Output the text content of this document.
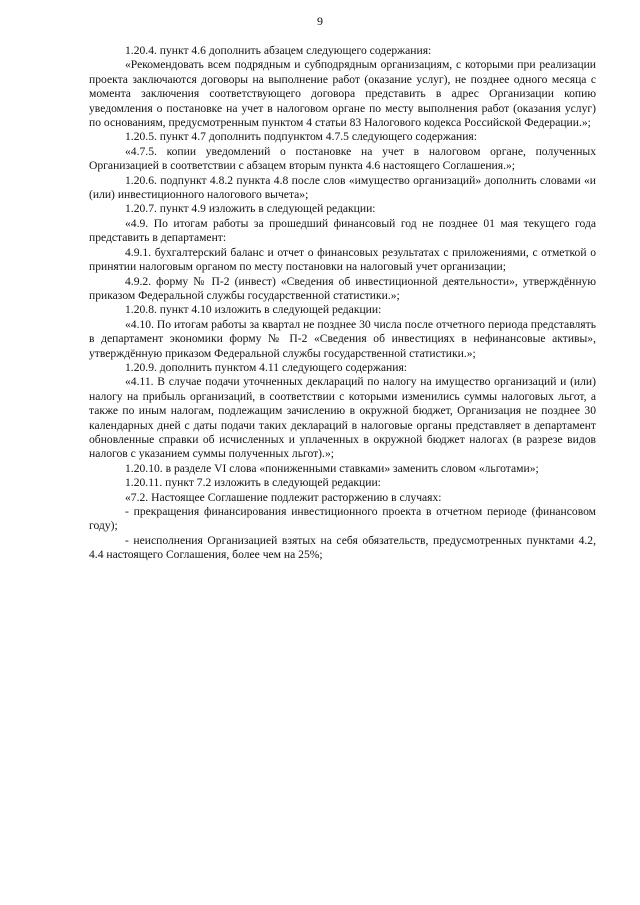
9

1.20.4. пункт 4.6 дополнить абзацем следующего содержания:

«Рекомендовать всем подрядным и субподрядным организациям, с которыми при реализации проекта заключаются договоры на выполнение работ (оказание услуг), не позднее одного месяца с момента заключения соответствующего договора представить в адрес Организации копию уведомления о постановке на учет в налоговом органе по месту выполнения работ (оказания услуг) по основаниям, предусмотренным пунктом 4 статьи 83 Налогового кодекса Российской Федерации.»;

1.20.5. пункт 4.7 дополнить подпунктом 4.7.5 следующего содержания:

«4.7.5. копии уведомлений о постановке на учет в налоговом органе, полученных Организацией в соответствии с абзацем вторым пункта 4.6 настоящего Соглашения.»;

1.20.6. подпункт 4.8.2 пункта 4.8 после слов «имущество организаций» дополнить словами «и (или) инвестиционного налогового вычета»;

1.20.7. пункт 4.9 изложить в следующей редакции:

«4.9. По итогам работы за прошедший финансовый год не позднее 01 мая текущего года представить в департамент:

4.9.1. бухгалтерский баланс и отчет о финансовых результатах с приложениями, с отметкой о принятии налоговым органом по месту постановки на налоговый учет организации;

4.9.2. форму № П-2 (инвест) «Сведения об инвестиционной деятельности», утверждённую приказом Федеральной службы государственной статистики.»;

1.20.8. пункт 4.10 изложить в следующей редакции:

«4.10. По итогам работы за квартал не позднее 30 числа после отчетного периода представлять в департамент экономики форму № П-2 «Сведения об инвестициях в нефинансовые активы», утверждённую приказом Федеральной службы государственной статистики.»;

1.20.9. дополнить пунктом 4.11 следующего содержания:

«4.11. В случае подачи уточненных деклараций по налогу на имущество организаций и (или) налогу на прибыль организаций, в соответствии с которыми изменились суммы налоговых льгот, а также по иным налогам, подлежащим зачислению в окружной бюджет, Организация не позднее 30 календарных дней с даты подачи таких деклараций в налоговые органы представляет в департамент обновленные справки об исчисленных и уплаченных в окружной бюджет налогах (в разрезе видов налогов с указанием суммы полученных льгот).»;

1.20.10. в разделе VI слова «пониженными ставками» заменить словом «льготами»;

1.20.11. пункт 7.2 изложить в следующей редакции:

«7.2. Настоящее Соглашение подлежит расторжению в случаях:

- прекращения финансирования инвестиционного проекта в отчетном периоде (финансовом году);

- неисполнения Организацией взятых на себя обязательств, предусмотренных пунктами 4.2, 4.4 настоящего Соглашения, более чем на 25%;
